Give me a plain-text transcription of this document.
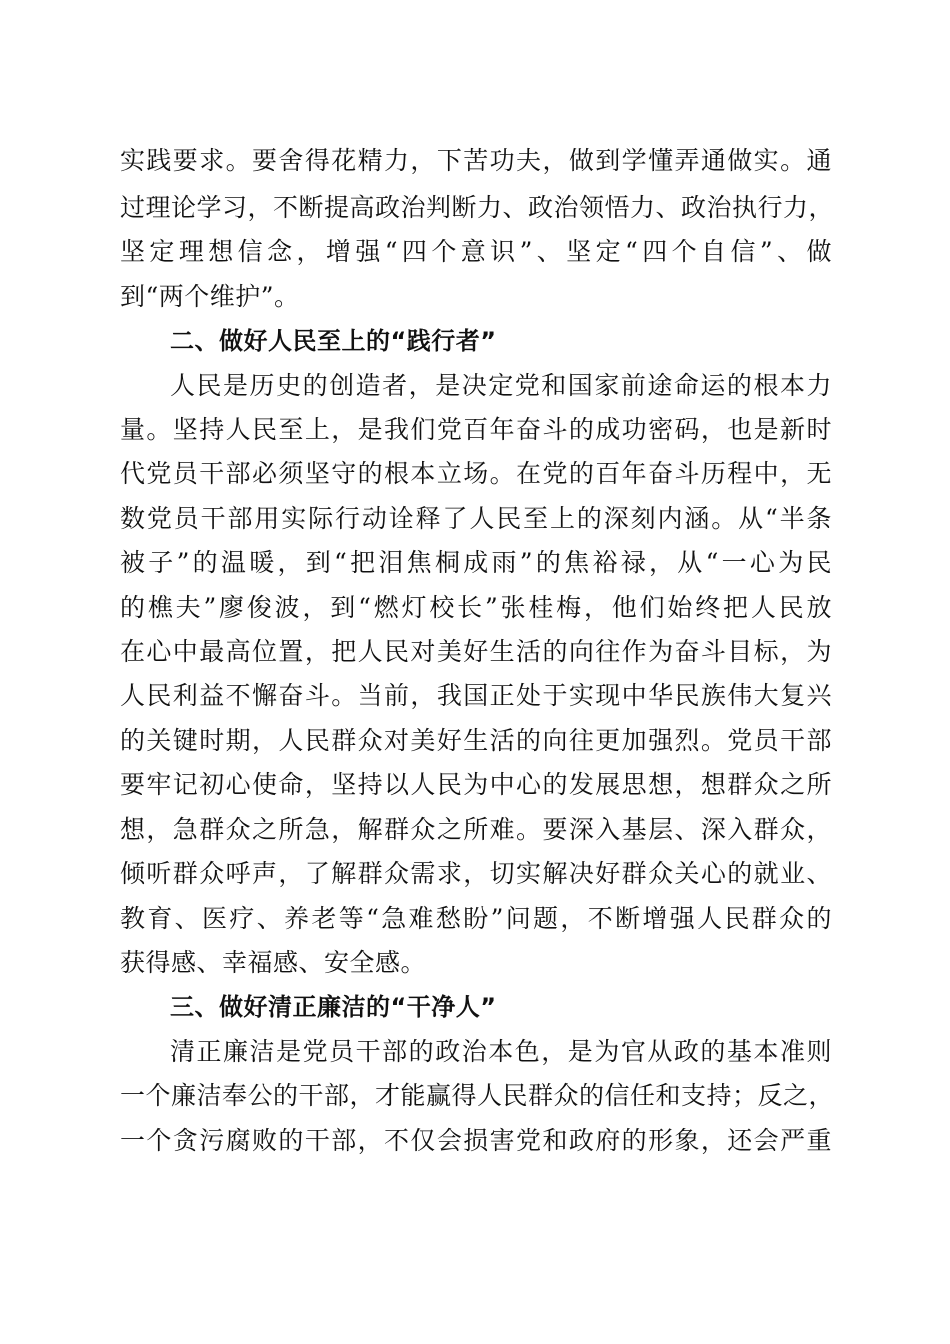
实践要求。要舍得花精力，下苦功夫，做到学懂弄通做实。通
过理论学习，不断提高政治判断力、政治领悟力、政治执行力，
坚定理想信念，增强“四个意识”、坚定“四个自信”、做
到“两个维护”。
二、做好人民至上的“践行者”
人民是历史的创造者，是决定党和国家前途命运的根本力
量。坚持人民至上，是我们党百年奋斗的成功密码，也是新时
代党员干部必须坚守的根本立场。在党的百年奋斗历程中，无
数党员干部用实际行动诠释了人民至上的深刻内涵。从“半条
被子”的温暖，到“把泪焦桐成雨”的焦裕禄，从“一心为民
的樵夫”廖俊波，到“燃灯校长”张桂梅，他们始终把人民放
在心中最高位置，把人民对美好生活的向往作为奋斗目标，为
人民利益不懈奋斗。当前，我国正处于实现中华民族伟大复兴
的关键时期，人民群众对美好生活的向往更加强烈。党员干部
要牢记初心使命，坚持以人民为中心的发展思想，想群众之所
想，急群众之所急，解群众之所难。要深入基层、深入群众，
倾听群众呼声，了解群众需求，切实解决好群众关心的就业、
教育、医疗、养老等“急难愁盼”问题，不断增强人民群众的
获得感、幸福感、安全感。
三、做好清正廉洁的“干净人”
清正廉洁是党员干部的政治本色，是为官从政的基本准则
一个廉洁奉公的干部，才能赢得人民群众的信任和支持；反之，
一个贪污腐败的干部，不仅会损害党和政府的形象，还会严重
